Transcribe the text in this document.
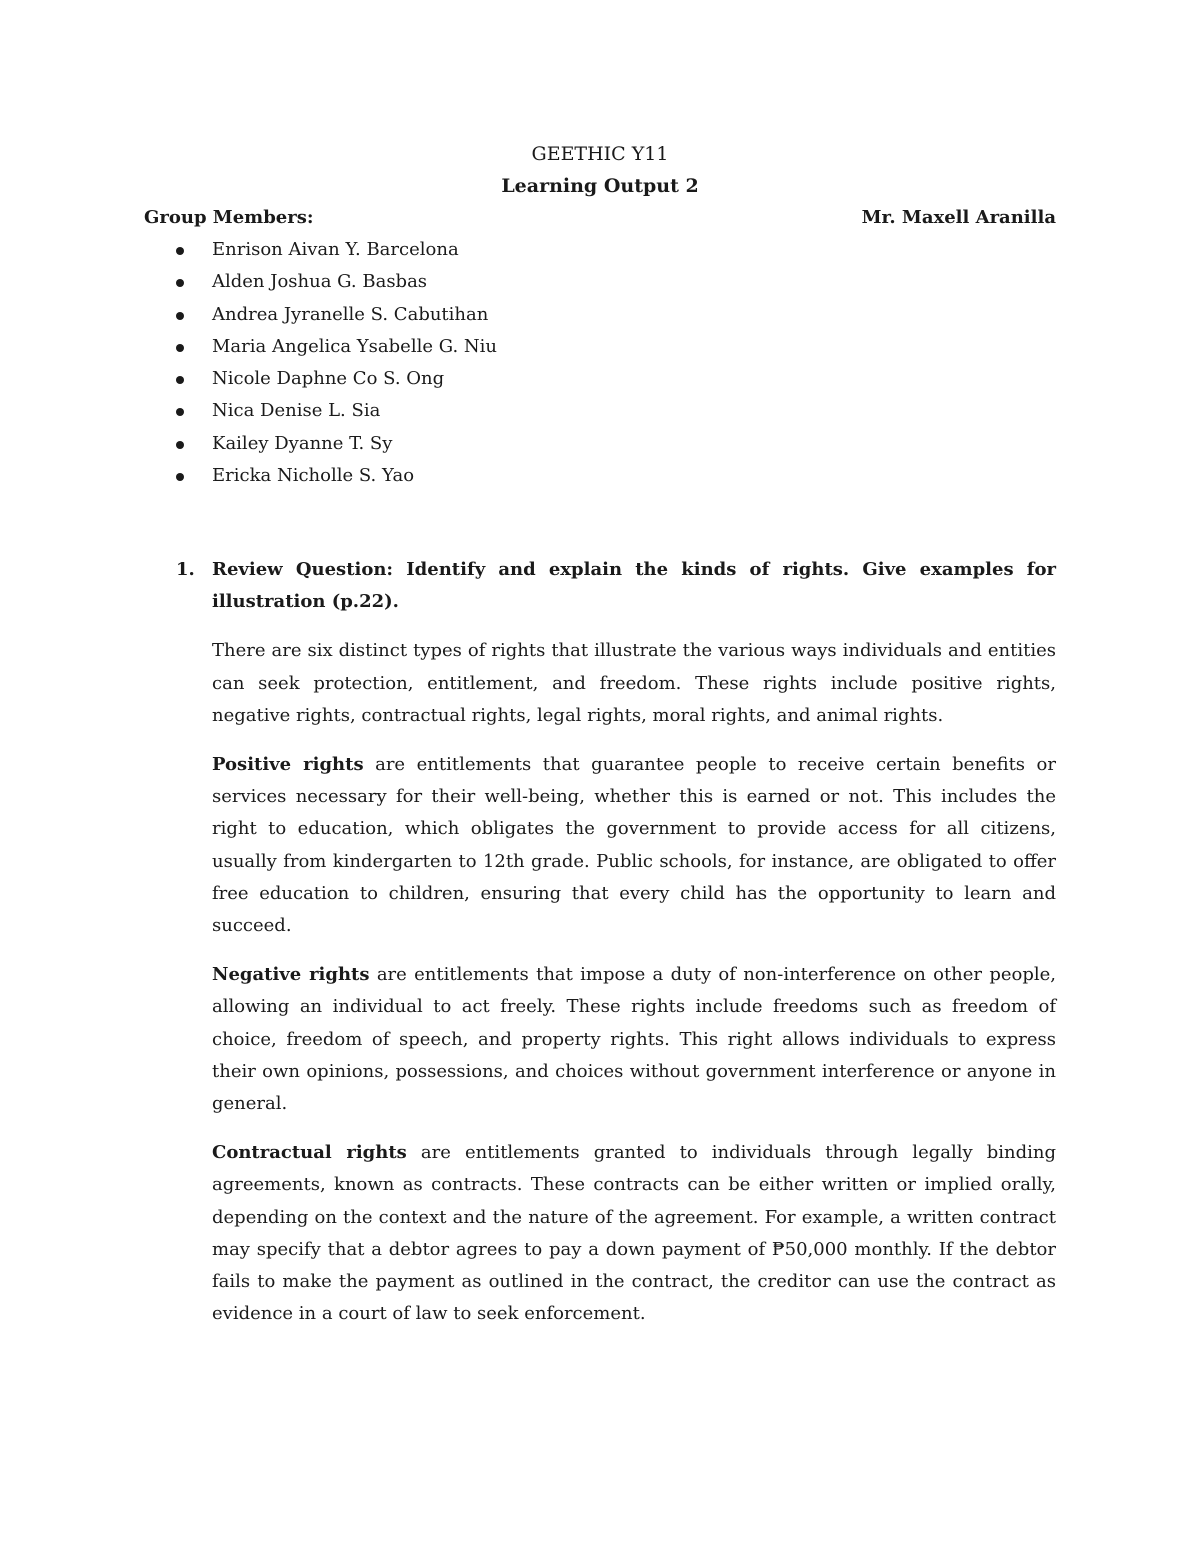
GEETHIC Y11

Learning Output 2

Group Members:	Mr. Maxell Aranilla
Enrison Aivan Y. Barcelona
Alden Joshua G. Basbas
Andrea Jyranelle S. Cabutihan
Maria Angelica Ysabelle G. Niu
Nicole Daphne Co S. Ong
Nica Denise L. Sia
Kailey Dyanne T. Sy
Ericka Nicholle S. Yao
1. Review Question: Identify and explain the kinds of rights. Give examples for illustration (p.22).

There are six distinct types of rights that illustrate the various ways individuals and entities can seek protection, entitlement, and freedom. These rights include positive rights, negative rights, contractual rights, legal rights, moral rights, and animal rights.

Positive rights are entitlements that guarantee people to receive certain benefits or services necessary for their well-being, whether this is earned or not. This includes the right to education, which obligates the government to provide access for all citizens, usually from kindergarten to 12th grade. Public schools, for instance, are obligated to offer free education to children, ensuring that every child has the opportunity to learn and succeed.

Negative rights are entitlements that impose a duty of non-interference on other people, allowing an individual to act freely. These rights include freedoms such as freedom of choice, freedom of speech, and property rights. This right allows individuals to express their own opinions, possessions, and choices without government interference or anyone in general.

Contractual rights are entitlements granted to individuals through legally binding agreements, known as contracts. These contracts can be either written or implied orally, depending on the context and the nature of the agreement. For example, a written contract may specify that a debtor agrees to pay a down payment of ₱50,000 monthly. If the debtor fails to make the payment as outlined in the contract, the creditor can use the contract as evidence in a court of law to seek enforcement.
